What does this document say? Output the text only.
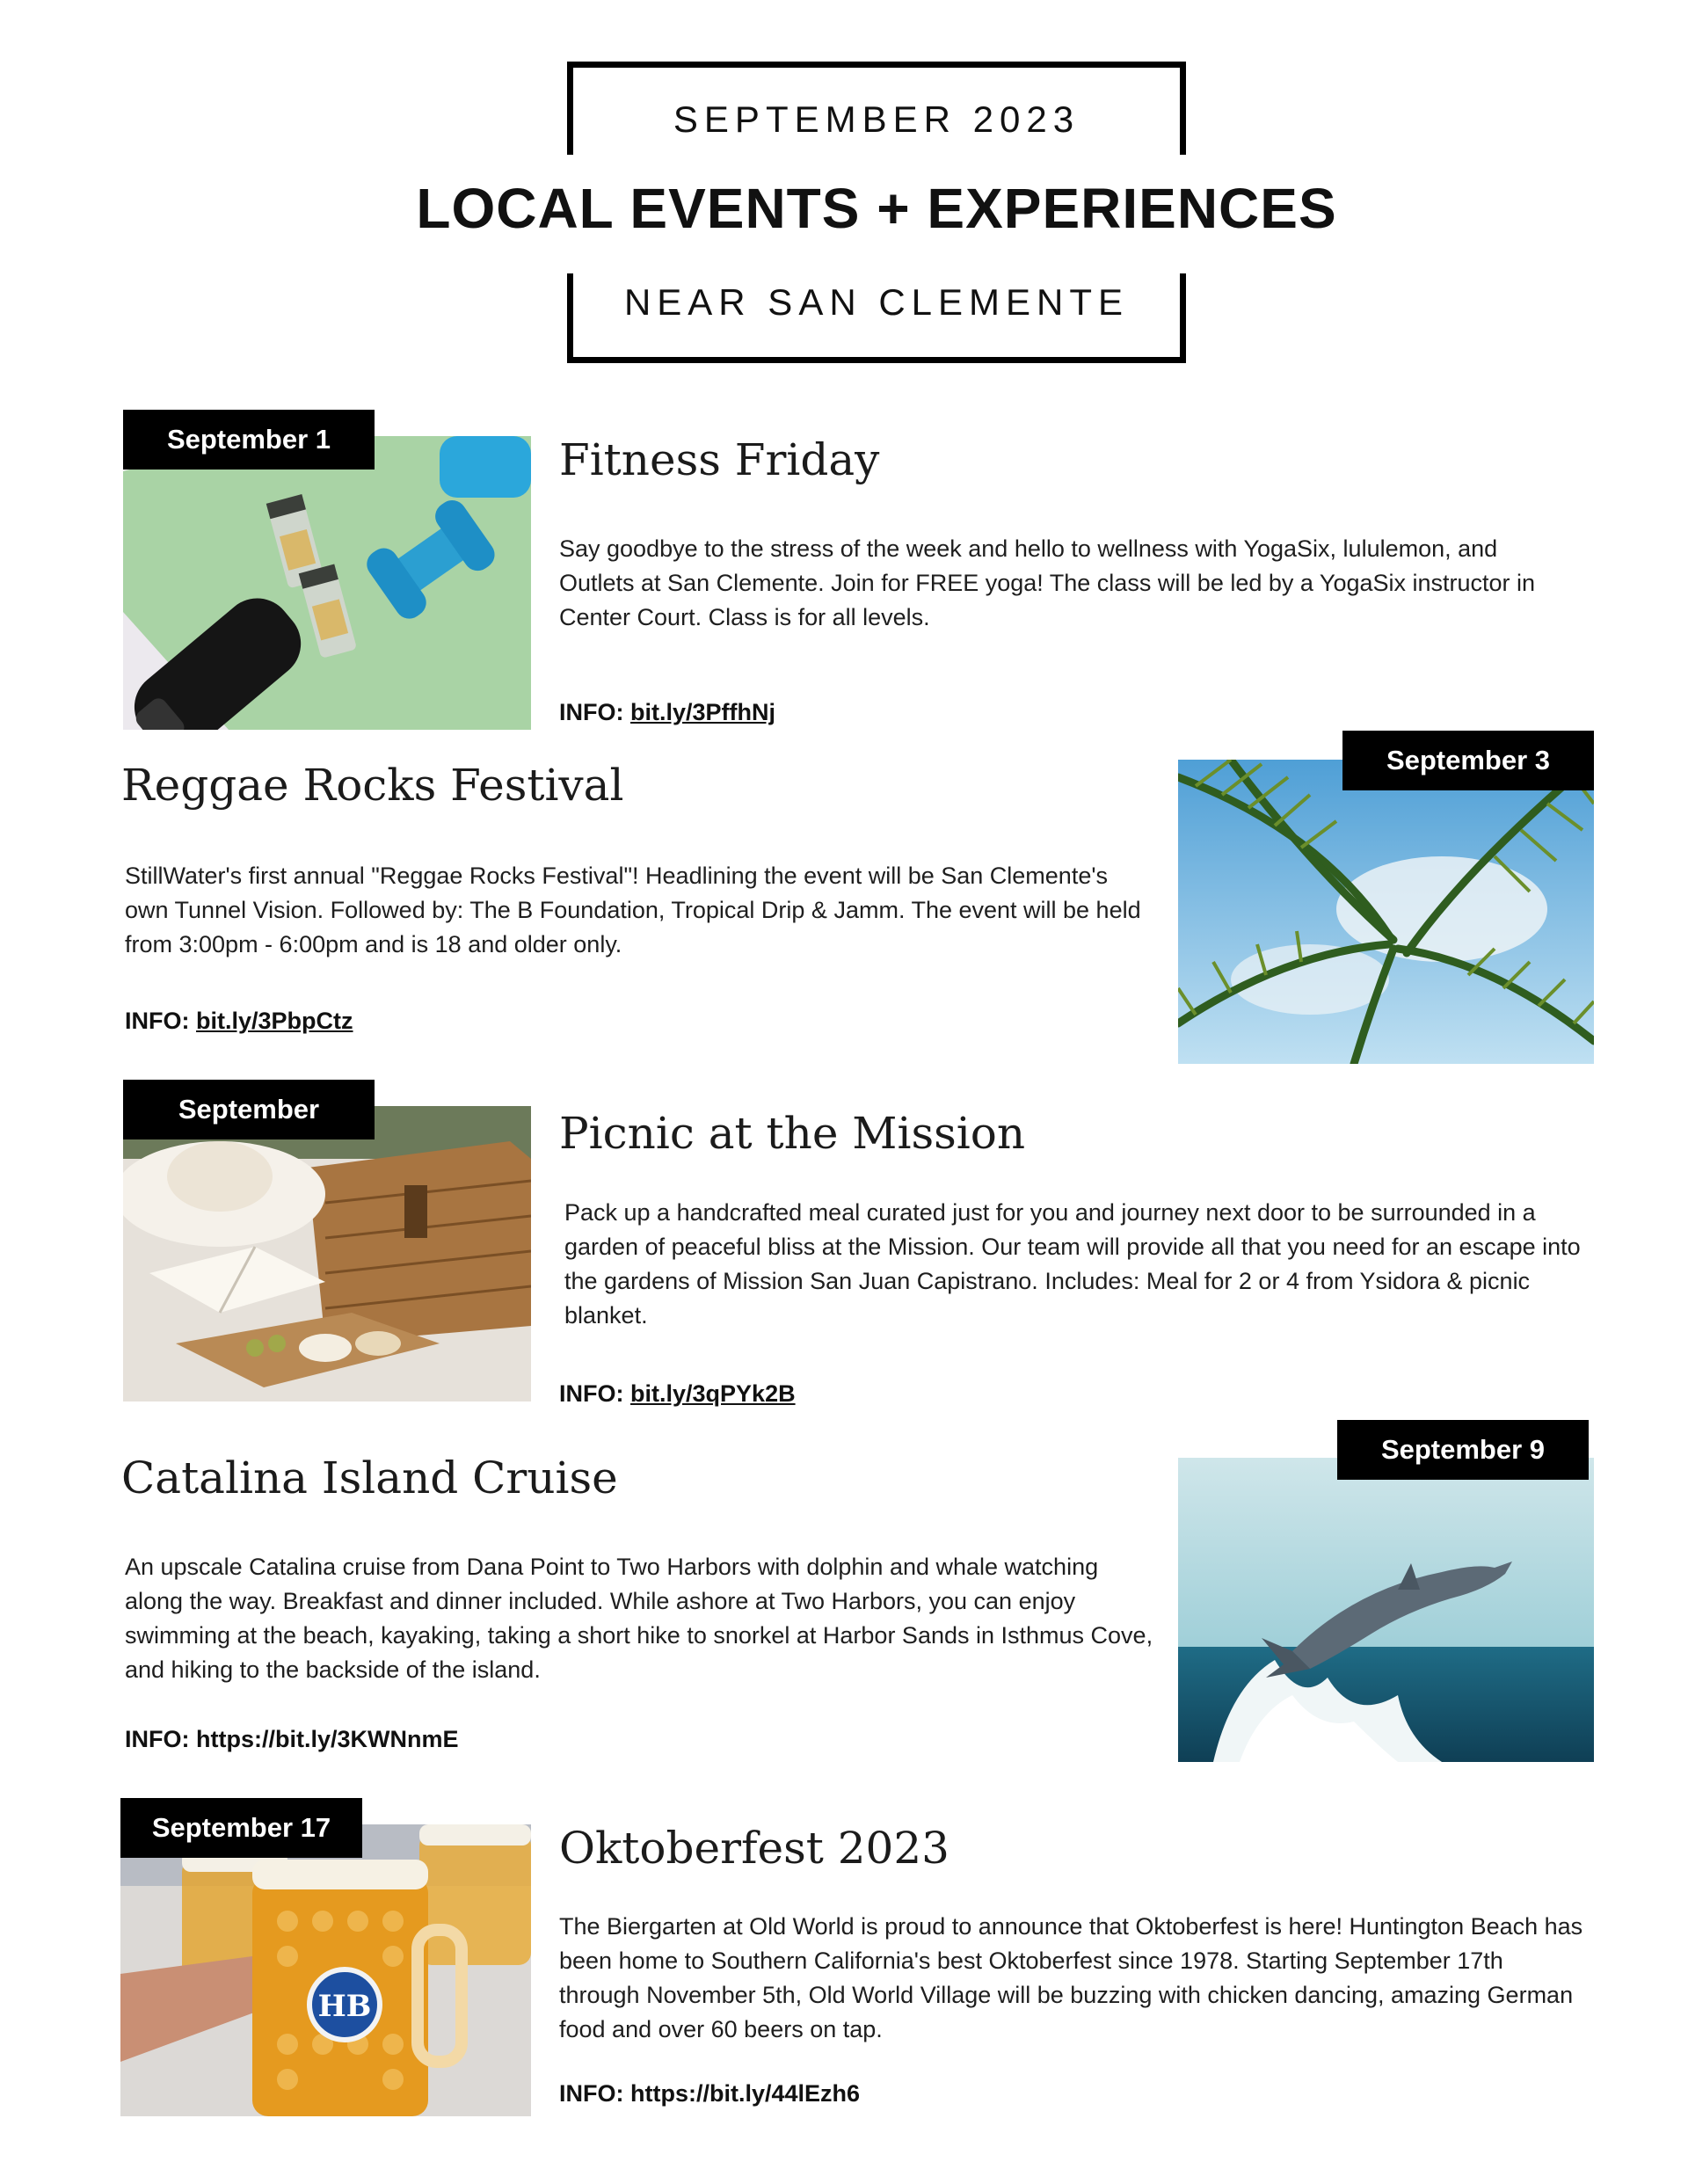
SEPTEMBER 2023
LOCAL EVENTS + EXPERIENCES
NEAR SAN CLEMENTE
September 1	Fitness Friday
Say goodbye to the stress of the week and hello to wellness with YogaSix, lululemon, and Outlets at San Clemente. Join for FREE yoga! The class will be led by a YogaSix instructor in Center Court. Class is for all levels.
INFO: bit.ly/3PffhNj
September 3
Reggae Rocks Festival
StillWater's first annual "Reggae Rocks Festival"! Headlining the event will be San Clemente's own Tunnel Vision. Followed by: The B Foundation, Tropical Drip & Jamm. The event will be held from 3:00pm - 6:00pm and is 18 and older only.
INFO: bit.ly/3PbpCtz
September	Picnic at the Mission
Pack up a handcrafted meal curated just for you and journey next door to be surrounded in a garden of peaceful bliss at the Mission. Our team will provide all that you need for an escape into the gardens of Mission San Juan Capistrano. Includes: Meal for 2 or 4 from Ysidora & picnic blanket.
INFO: bit.ly/3qPYk2B
September 9
Catalina Island Cruise
An upscale Catalina cruise from Dana Point to Two Harbors with dolphin and whale watching along the way. Breakfast and dinner included. While ashore at Two Harbors, you can enjoy swimming at the beach, kayaking, taking a short hike to snorkel at Harbor Sands in Isthmus Cove, and hiking to the backside of the island.
INFO: https://bit.ly/3KWNnmE
HB
September 17	Oktoberfest 2023
The Biergarten at Old World is proud to announce that Oktoberfest is here! Huntington Beach has been home to Southern California's best Oktoberfest since 1978. Starting September 17th through November 5th, Old World Village will be buzzing with chicken dancing, amazing German food and over 60 beers on tap.
INFO: https://bit.ly/44lEzh6
